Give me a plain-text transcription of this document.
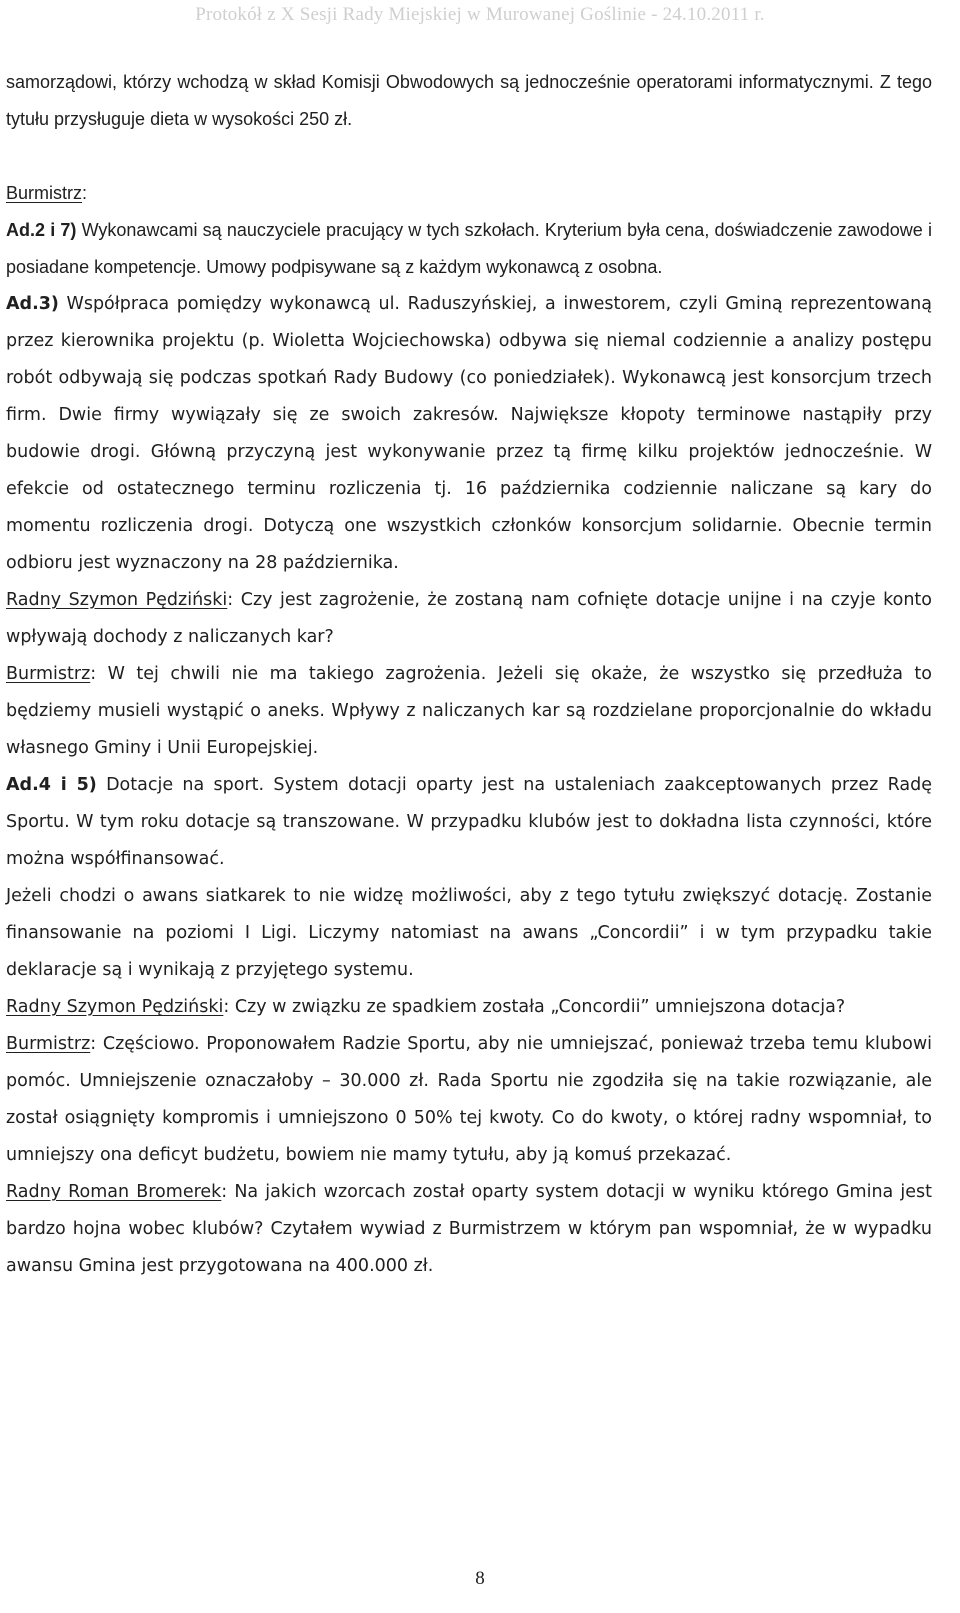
Protokół z X Sesji Rady Miejskiej w Murowanej Goślinie - 24.10.2011 r.

samorządowi, którzy wchodzą w skład Komisji Obwodowych są jednocześnie operatorami informatycznymi. Z tego tytułu przysługuje dieta w wysokości 250 zł.

Burmistrz:

Ad.2 i 7) Wykonawcami są nauczyciele pracujący w tych szkołach. Kryterium była cena, doświadczenie zawodowe i posiadane kompetencje. Umowy podpisywane są z każdym wykonawcą z osobna.

Ad.3) Współpraca pomiędzy wykonawcą ul. Raduszyńskiej, a inwestorem, czyli Gminą reprezentowaną przez kierownika projektu (p. Wioletta Wojciechowska) odbywa się niemal codziennie a analizy postępu robót odbywają się podczas spotkań Rady Budowy (co poniedziałek). Wykonawcą jest konsorcjum trzech firm. Dwie firmy wywiązały się ze swoich zakresów. Największe kłopoty terminowe nastąpiły przy budowie drogi. Główną przyczyną jest wykonywanie przez tą firmę kilku projektów jednocześnie. W efekcie od ostatecznego terminu rozliczenia tj. 16 października codziennie naliczane są kary do momentu rozliczenia drogi. Dotyczą one wszystkich członków konsorcjum solidarnie. Obecnie termin odbioru jest wyznaczony na 28 października.

Radny Szymon Pędziński: Czy jest zagrożenie, że zostaną nam cofnięte dotacje unijne i na czyje konto wpływają dochody z naliczanych kar?

Burmistrz: W tej chwili nie ma takiego zagrożenia. Jeżeli się okaże, że wszystko się przedłuża to będziemy musieli wystąpić o aneks. Wpływy z naliczanych kar są rozdzielane proporcjonalnie do wkładu własnego Gminy i Unii Europejskiej.

Ad.4 i 5) Dotacje na sport. System dotacji oparty jest na ustaleniach zaakceptowanych przez Radę Sportu. W tym roku dotacje są transzowane. W przypadku klubów jest to dokładna lista czynności, które można współfinansować.

Jeżeli chodzi o awans siatkarek to nie widzę możliwości, aby z tego tytułu zwiększyć dotację. Zostanie finansowanie na poziomi I Ligi. Liczymy natomiast na awans „Concordii” i w tym przypadku takie deklaracje są i wynikają z przyjętego systemu.

Radny Szymon Pędziński: Czy w związku ze spadkiem została „Concordii” umniejszona dotacja?

Burmistrz: Częściowo. Proponowałem Radzie Sportu, aby nie umniejszać, ponieważ trzeba temu klubowi pomóc. Umniejszenie oznaczałoby – 30.000 zł. Rada Sportu nie zgodziła się na takie rozwiązanie, ale został osiągnięty kompromis i umniejszono 0 50% tej kwoty. Co do kwoty, o której radny wspomniał, to umniejszy ona deficyt budżetu, bowiem nie mamy tytułu, aby ją komuś przekazać.

Radny Roman Bromerek: Na jakich wzorcach został oparty system dotacji w wyniku którego Gmina jest bardzo hojna wobec klubów? Czytałem wywiad z Burmistrzem w którym pan wspomniał, że w wypadku awansu Gmina jest przygotowana na 400.000 zł.

8
